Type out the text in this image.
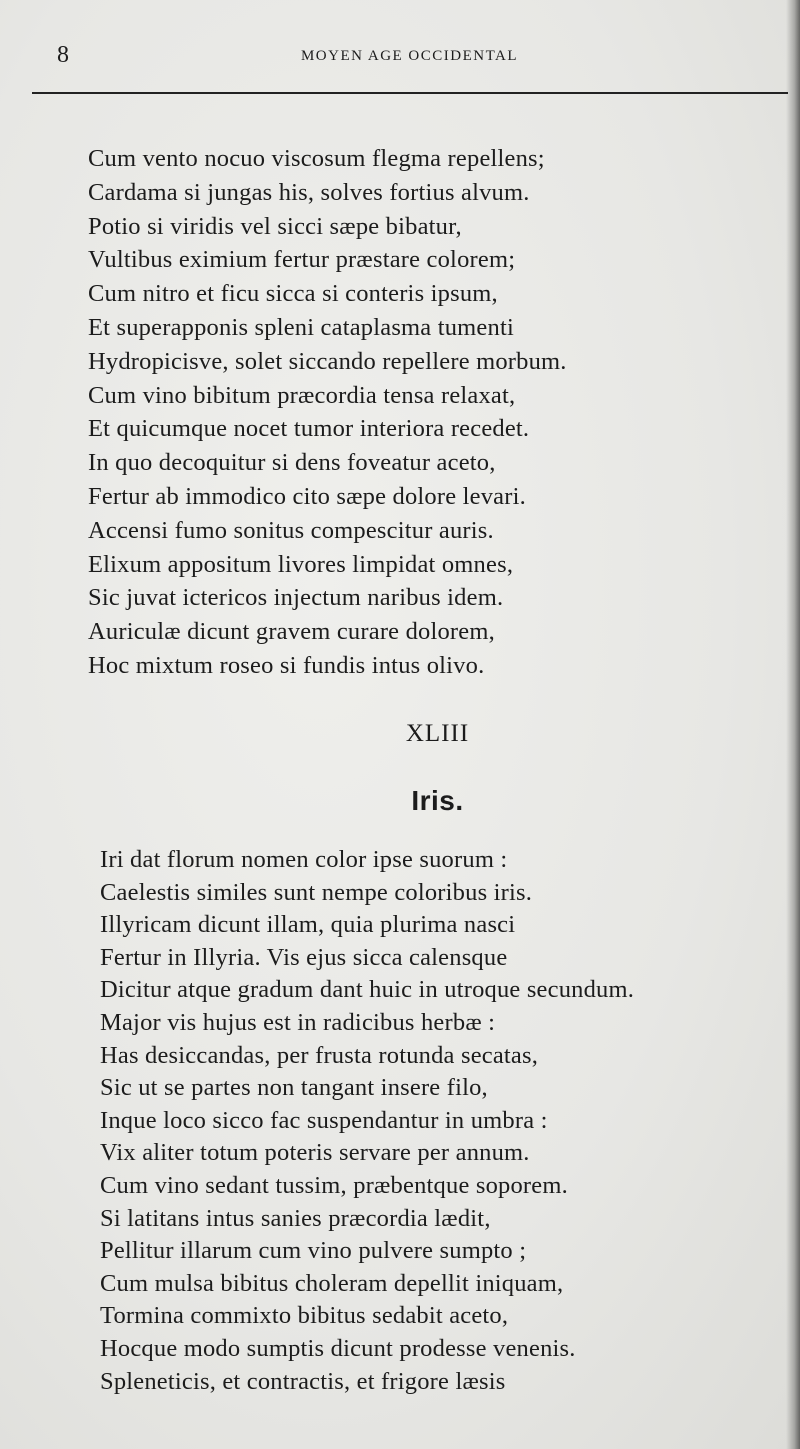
8	MOYEN AGE OCCIDENTAL
Cum vento nocuo viscosum flegma repellens;
Cardama si jungas his, solves fortius alvum.
Potio si viridis vel sicci sæpe bibatur,
Vultibus eximium fertur præstare colorem;
Cum nitro et ficu sicca si conteris ipsum,
Et superapponis spleni cataplasma tumenti
Hydropicisve, solet siccando repellere morbum.
Cum vino bibitum præcordia tensa relaxat,
Et quicumque nocet tumor interiora recedet.
In quo decoquitur si dens foveatur aceto,
Fertur ab immodico cito sæpe dolore levari.
Accensi fumo sonitus compescitur auris.
Elixum appositum livores limpidat omnes,
Sic juvat ictericos injectum naribus idem.
Auriculæ dicunt gravem curare dolorem,
Hoc mixtum roseo si fundis intus olivo.
XLIII
Iris.
Iri dat florum nomen color ipse suorum :
Caelestis similes sunt nempe coloribus iris.
Illyricam dicunt illam, quia plurima nasci
Fertur in Illyria. Vis ejus sicca calensque
Dicitur atque gradum dant huic in utroque secundum.
Major vis hujus est in radicibus herbæ :
Has desiccandas, per frusta rotunda secatas,
Sic ut se partes non tangant insere filo,
Inque loco sicco fac suspendantur in umbra :
Vix aliter totum poteris servare per annum.
Cum vino sedant tussim, præbentque soporem.
Si latitans intus sanies præcordia lædit,
Pellitur illarum cum vino pulvere sumpto ;
Cum mulsa bibitus choleram depellit iniquam,
Tormina commixto bibitus sedabit aceto,
Hocque modo sumptis dicunt prodesse venenis.
Spleneticis, et contractis, et frigore læsis
